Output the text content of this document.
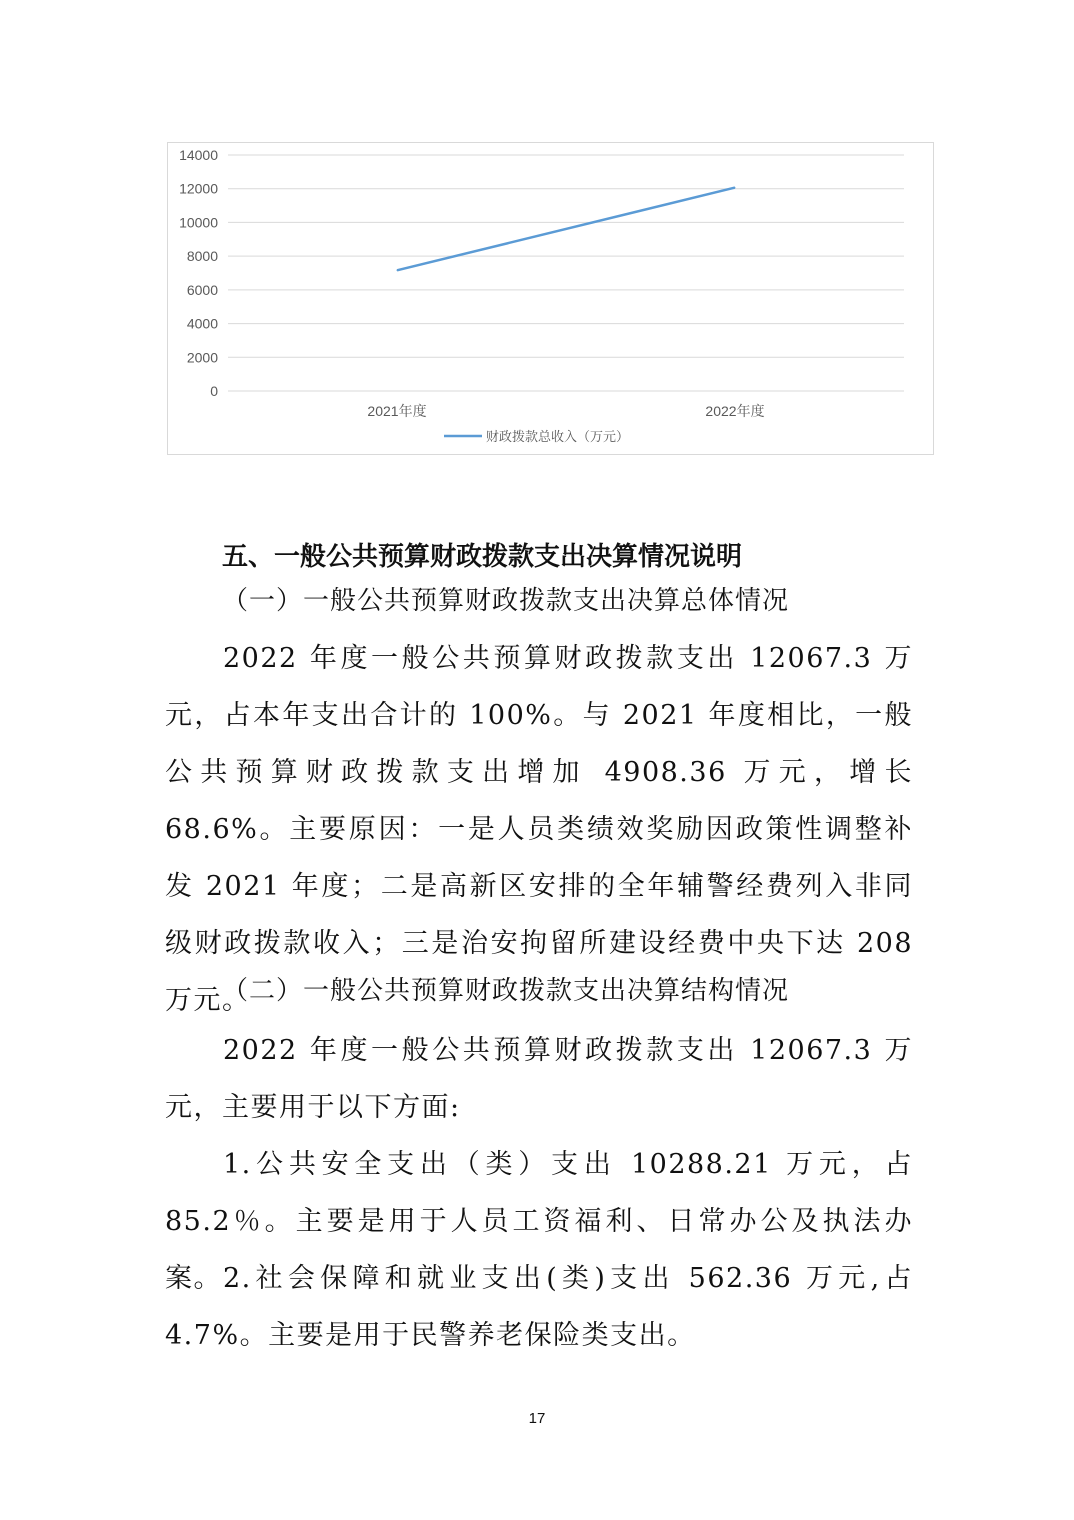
0
2000
4000
6000
8000
10000
12000
14000
2021年度	2022年度
财政拨款总收入（万元）
五、一般公共预算财政拨款支出决算情况说明
（一）一般公共预算财政拨款支出决算总体情况
2022 年度一般公共预算财政拨款支出 12067.3 万元，占本年支出合计的 100%。与 2021 年度相比，一般公共预算财政拨款支出增加 4908.36 万元，增长 68.6%。主要原因：一是人员类绩效奖励因政策性调整补发 2021 年度；二是高新区安排的全年辅警经费列入非同级财政拨款收入；三是治安拘留所建设经费中央下达 208 万元。
（二）一般公共预算财政拨款支出决算结构情况
2022 年度一般公共预算财政拨款支出 12067.3 万元，主要用于以下方面:
1.公共安全支出（类）支出 10288.21 万元，占 85.2％。主要是用于人员工资福利、日常办公及执法办案。 2.社会保障和就业支出(类)支出 562.36 万元,占 4.7%。主要是用于民警养老保险类支出。
17
